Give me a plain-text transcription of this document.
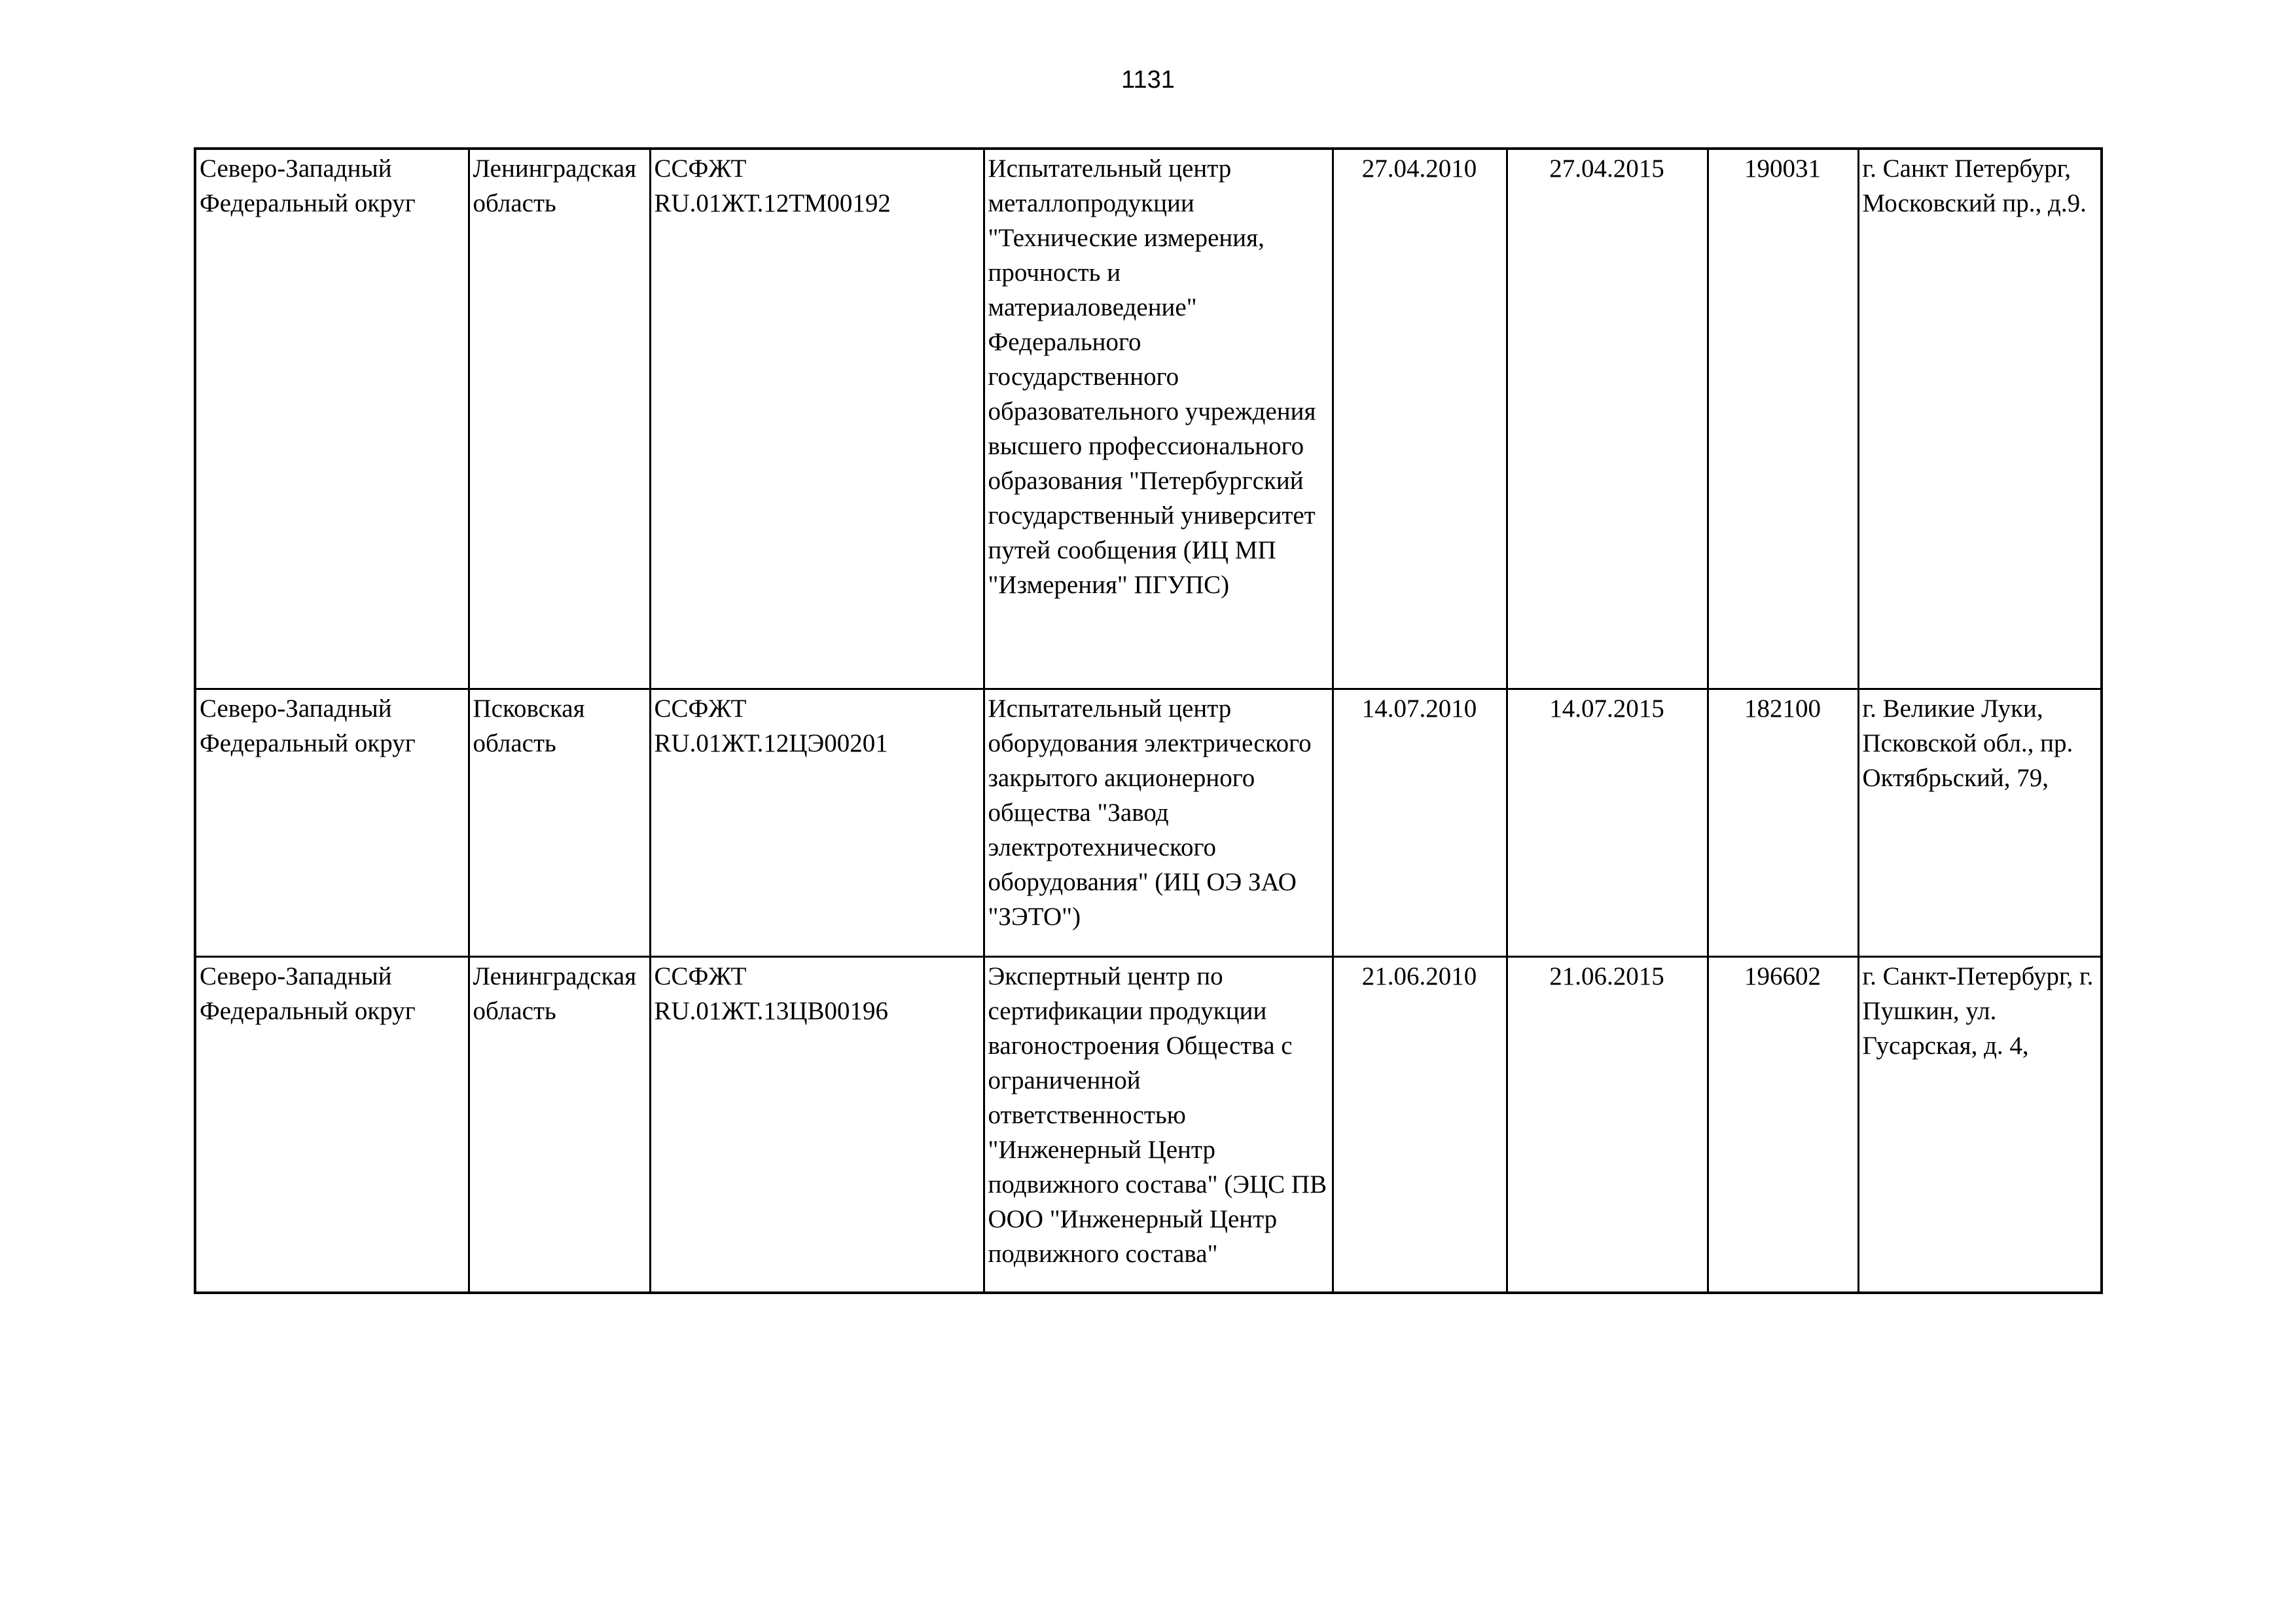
1131
Северо-Западный Федеральный округ	Ленинградская область	ССФЖТ RU.01ЖТ.12ТМ00192	Испытательный центр металлопродукции "Технические измерения, прочность и материаловедение" Федерального государственного образовательного учреждения высшего профессионального образования "Петербургский государственный университет путей сообщения (ИЦ МП "Измерения" ПГУПС)	27.04.2010	27.04.2015	190031	г. Санкт Петербург, Московский пр., д.9.

Северо-Западный Федеральный округ	Псковская область	ССФЖТ RU.01ЖТ.12ЦЭ00201	Испытательный центр оборудования электрического закрытого акционерного общества "Завод электротехнического оборудования" (ИЦ ОЭ ЗАО "ЗЭТО")	14.07.2010	14.07.2015	182100	г. Великие Луки, Псковской обл., пр. Октябрьский, 79,

Северо-Западный Федеральный округ	Ленинградская область	ССФЖТ RU.01ЖТ.13ЦВ00196	Экспертный центр по сертификации продукции вагоностроения Общества с ограниченной ответственностью "Инженерный Центр подвижного состава" (ЭЦС ПВ ООО "Инженерный Центр подвижного состава"	21.06.2010	21.06.2015	196602	г. Санкт-Петербург, г. Пушкин, ул. Гусарская, д. 4,
